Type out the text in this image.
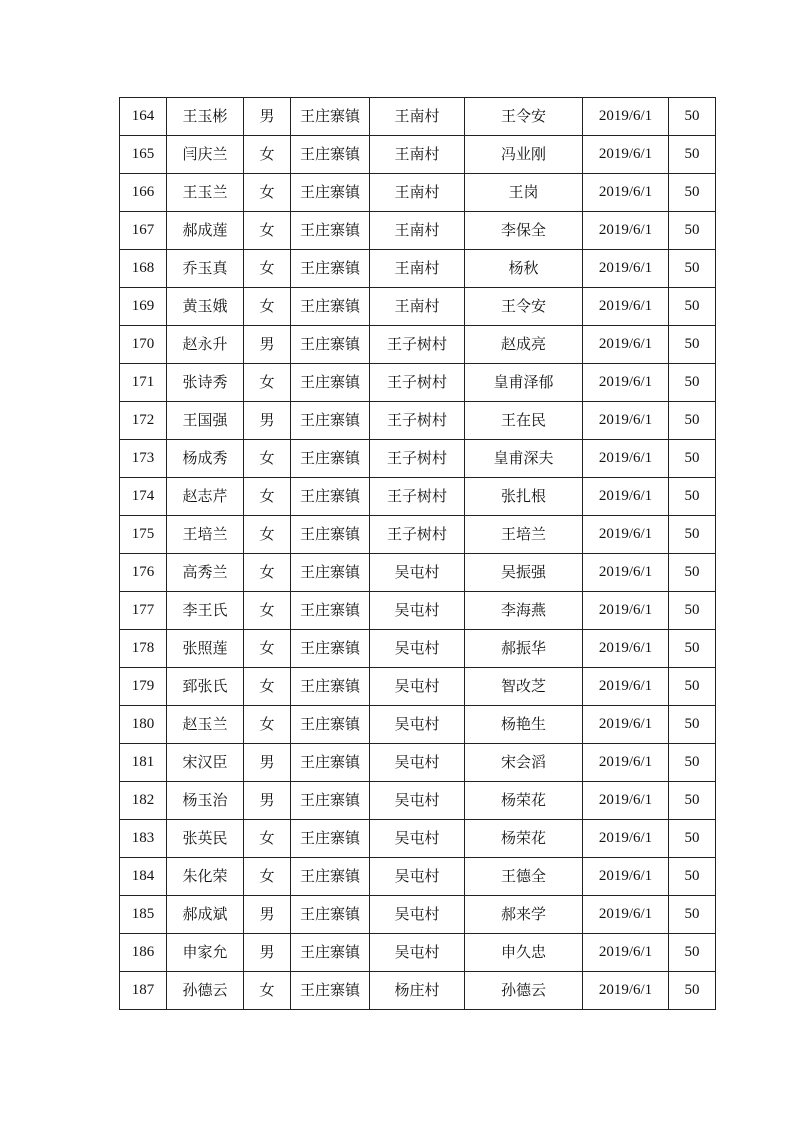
164	王玉彬	男	王庄寨镇	王南村	王令安	2019/6/1	50
165	闫庆兰	女	王庄寨镇	王南村	冯业刚	2019/6/1	50
166	王玉兰	女	王庄寨镇	王南村	王岗	2019/6/1	50
167	郝成莲	女	王庄寨镇	王南村	李保全	2019/6/1	50
168	乔玉真	女	王庄寨镇	王南村	杨秋	2019/6/1	50
169	黄玉娥	女	王庄寨镇	王南村	王令安	2019/6/1	50
170	赵永升	男	王庄寨镇	王子树村	赵成亮	2019/6/1	50
171	张诗秀	女	王庄寨镇	王子树村	皇甫泽郁	2019/6/1	50
172	王国强	男	王庄寨镇	王子树村	王在民	2019/6/1	50
173	杨成秀	女	王庄寨镇	王子树村	皇甫深夫	2019/6/1	50
174	赵志芹	女	王庄寨镇	王子树村	张扎根	2019/6/1	50
175	王培兰	女	王庄寨镇	王子树村	王培兰	2019/6/1	50
176	高秀兰	女	王庄寨镇	吴屯村	吴振强	2019/6/1	50
177	李王氏	女	王庄寨镇	吴屯村	李海燕	2019/6/1	50
178	张照莲	女	王庄寨镇	吴屯村	郝振华	2019/6/1	50
179	郅张氏	女	王庄寨镇	吴屯村	智改芝	2019/6/1	50
180	赵玉兰	女	王庄寨镇	吴屯村	杨艳生	2019/6/1	50
181	宋汉臣	男	王庄寨镇	吴屯村	宋会滔	2019/6/1	50
182	杨玉治	男	王庄寨镇	吴屯村	杨荣花	2019/6/1	50
183	张英民	女	王庄寨镇	吴屯村	杨荣花	2019/6/1	50
184	朱化荣	女	王庄寨镇	吴屯村	王德全	2019/6/1	50
185	郝成斌	男	王庄寨镇	吴屯村	郝来学	2019/6/1	50
186	申家允	男	王庄寨镇	吴屯村	申久忠	2019/6/1	50
187	孙德云	女	王庄寨镇	杨庄村	孙德云	2019/6/1	50
